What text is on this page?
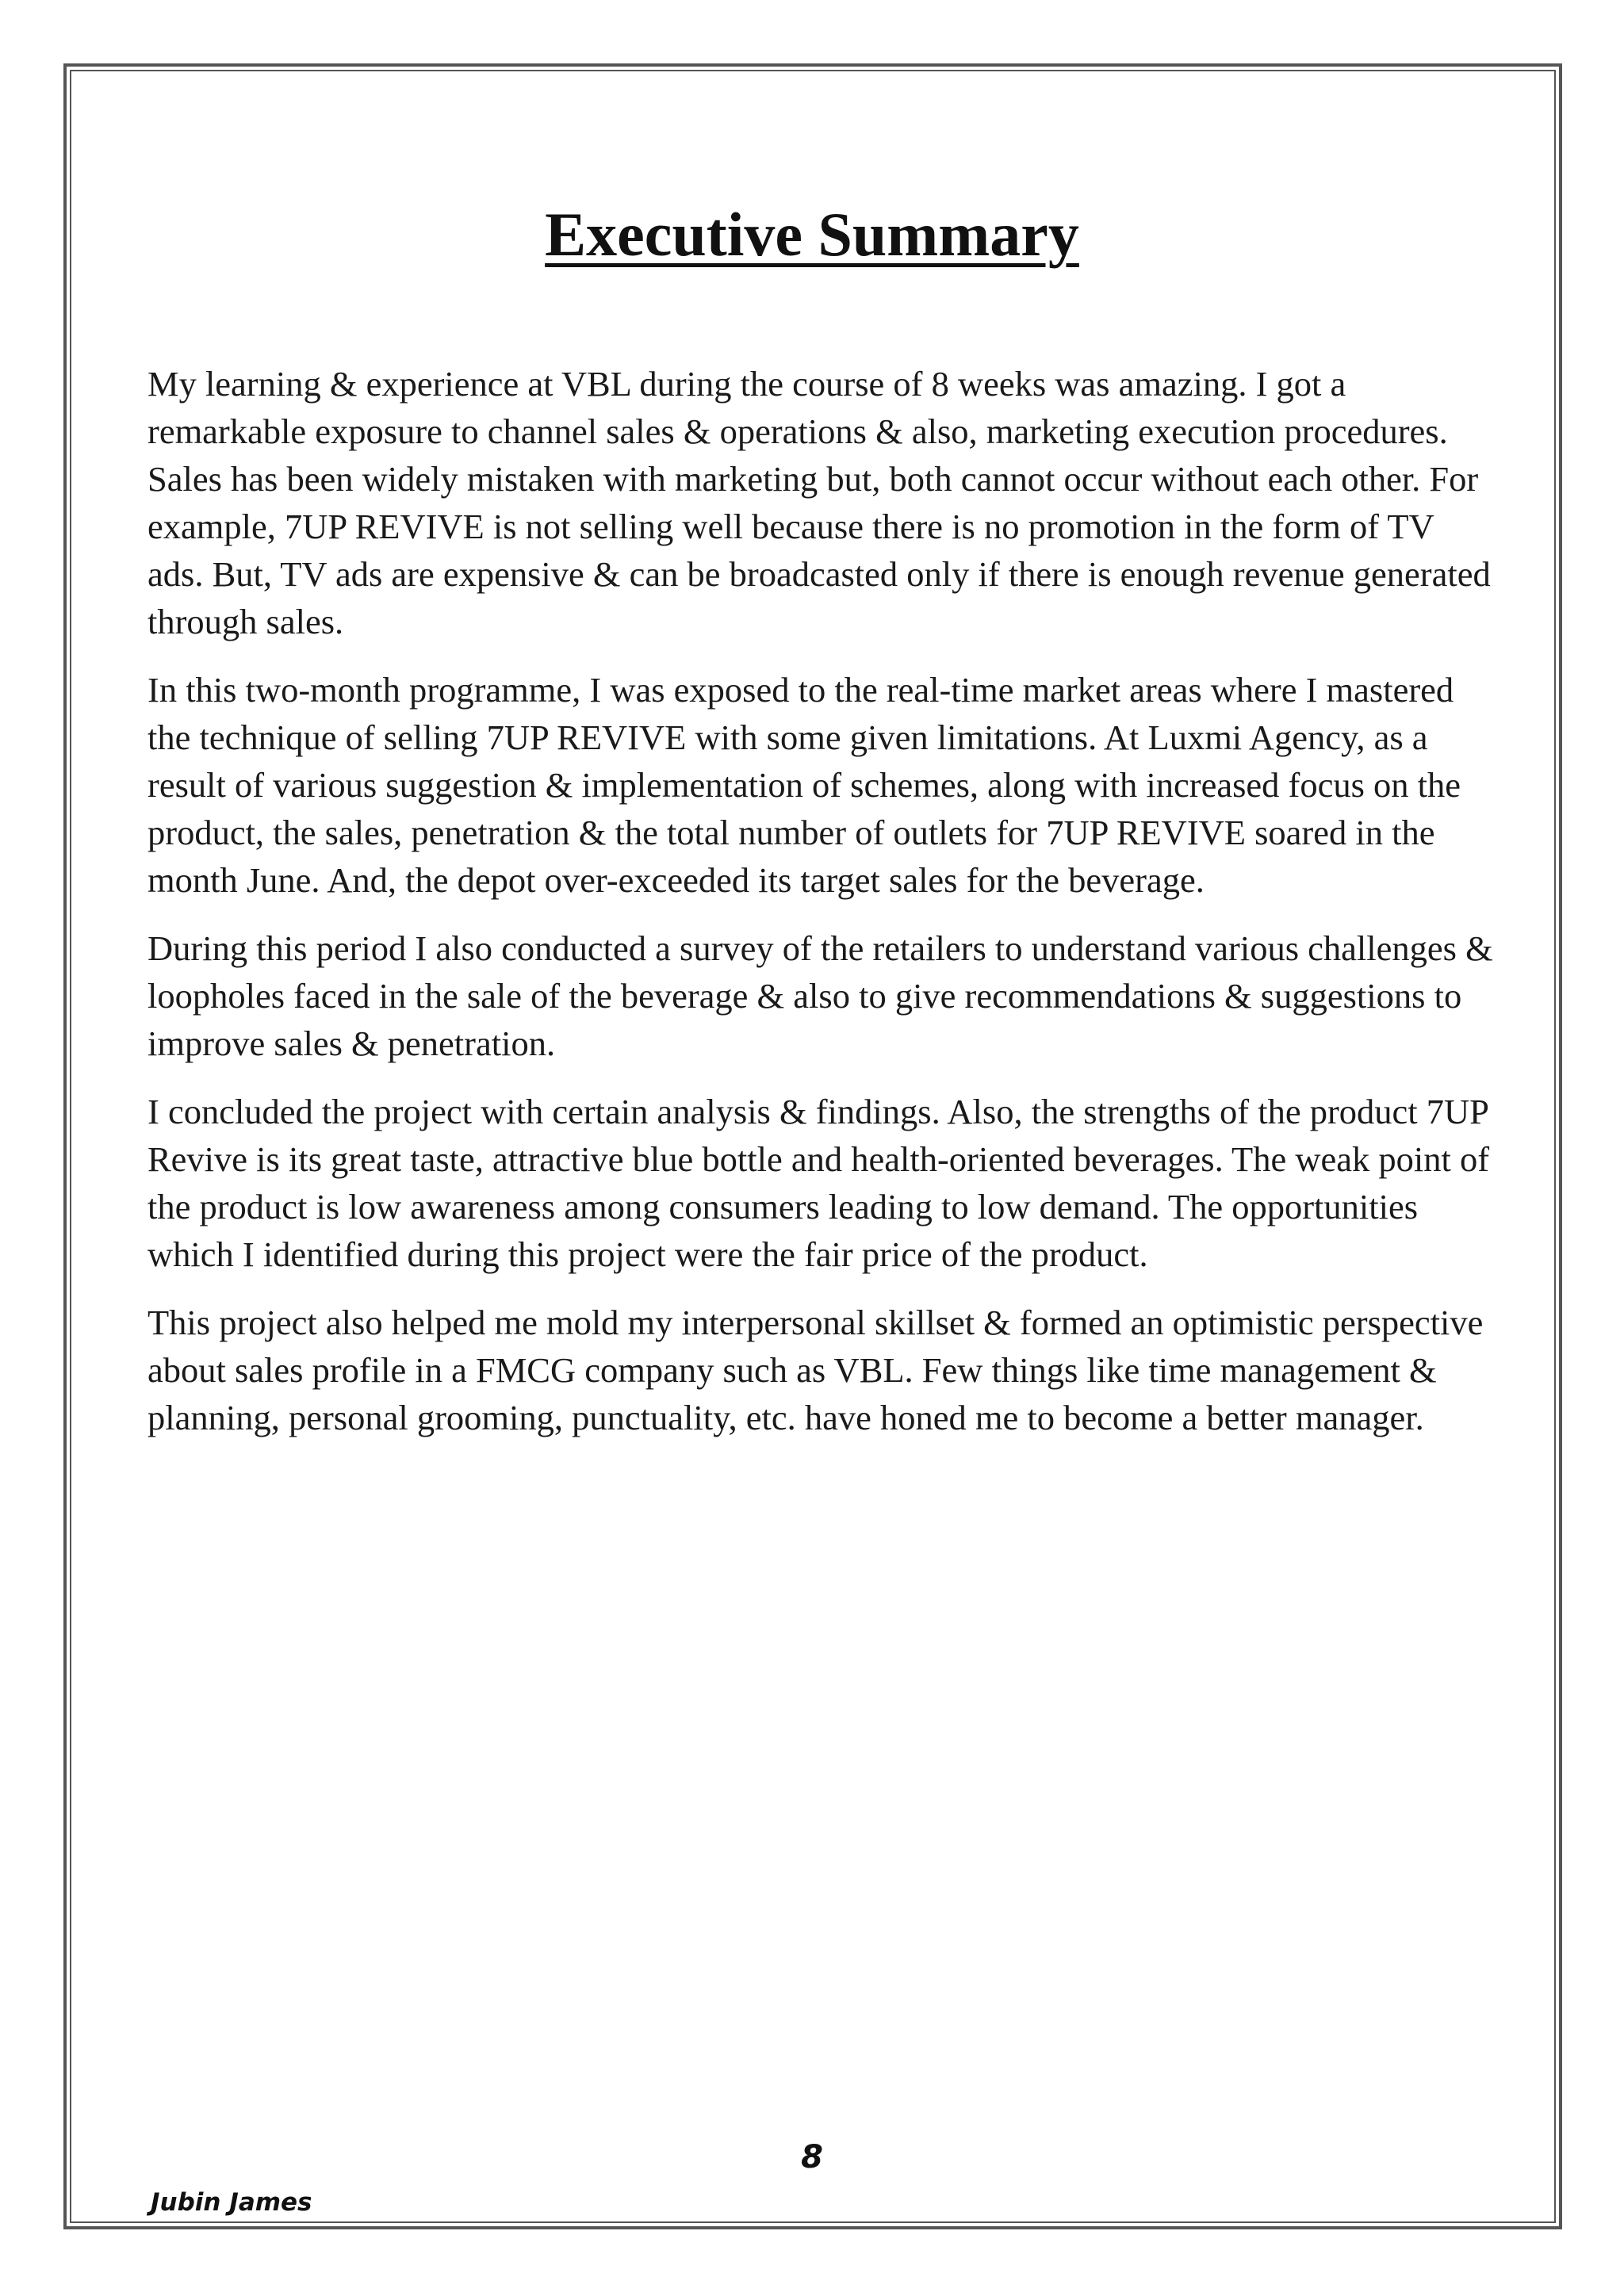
Executive Summary

My learning & experience at VBL during the course of 8 weeks was amazing. I got a remarkable exposure to channel sales & operations & also, marketing execution procedures. Sales has been widely mistaken with marketing but, both cannot occur without each other. For example, 7UP REVIVE is not selling well because there is no promotion in the form of TV ads. But, TV ads are expensive & can be broadcasted only if there is enough revenue generated through sales.

In this two-month programme, I was exposed to the real-time market areas where I mastered the technique of selling 7UP REVIVE with some given limitations. At Luxmi Agency, as a result of various suggestion & implementation of schemes, along with increased focus on the product, the sales, penetration & the total number of outlets for 7UP REVIVE soared in the month June. And, the depot over-exceeded its target sales for the beverage.

During this period I also conducted a survey of the retailers to understand various challenges & loopholes faced in the sale of the beverage & also to give recommendations & suggestions to improve sales & penetration.

I concluded the project with certain analysis & findings. Also, the strengths of the product 7UP Revive is its great taste, attractive blue bottle and health-oriented beverages. The weak point of the product is low awareness among consumers leading to low demand. The opportunities which I identified during this project were the fair price of the product.

This project also helped me mold my interpersonal skillset & formed an optimistic perspective about sales profile in a FMCG company such as VBL. Few things like time management & planning, personal grooming, punctuality, etc. have honed me to become a better manager.

8
Jubin James
